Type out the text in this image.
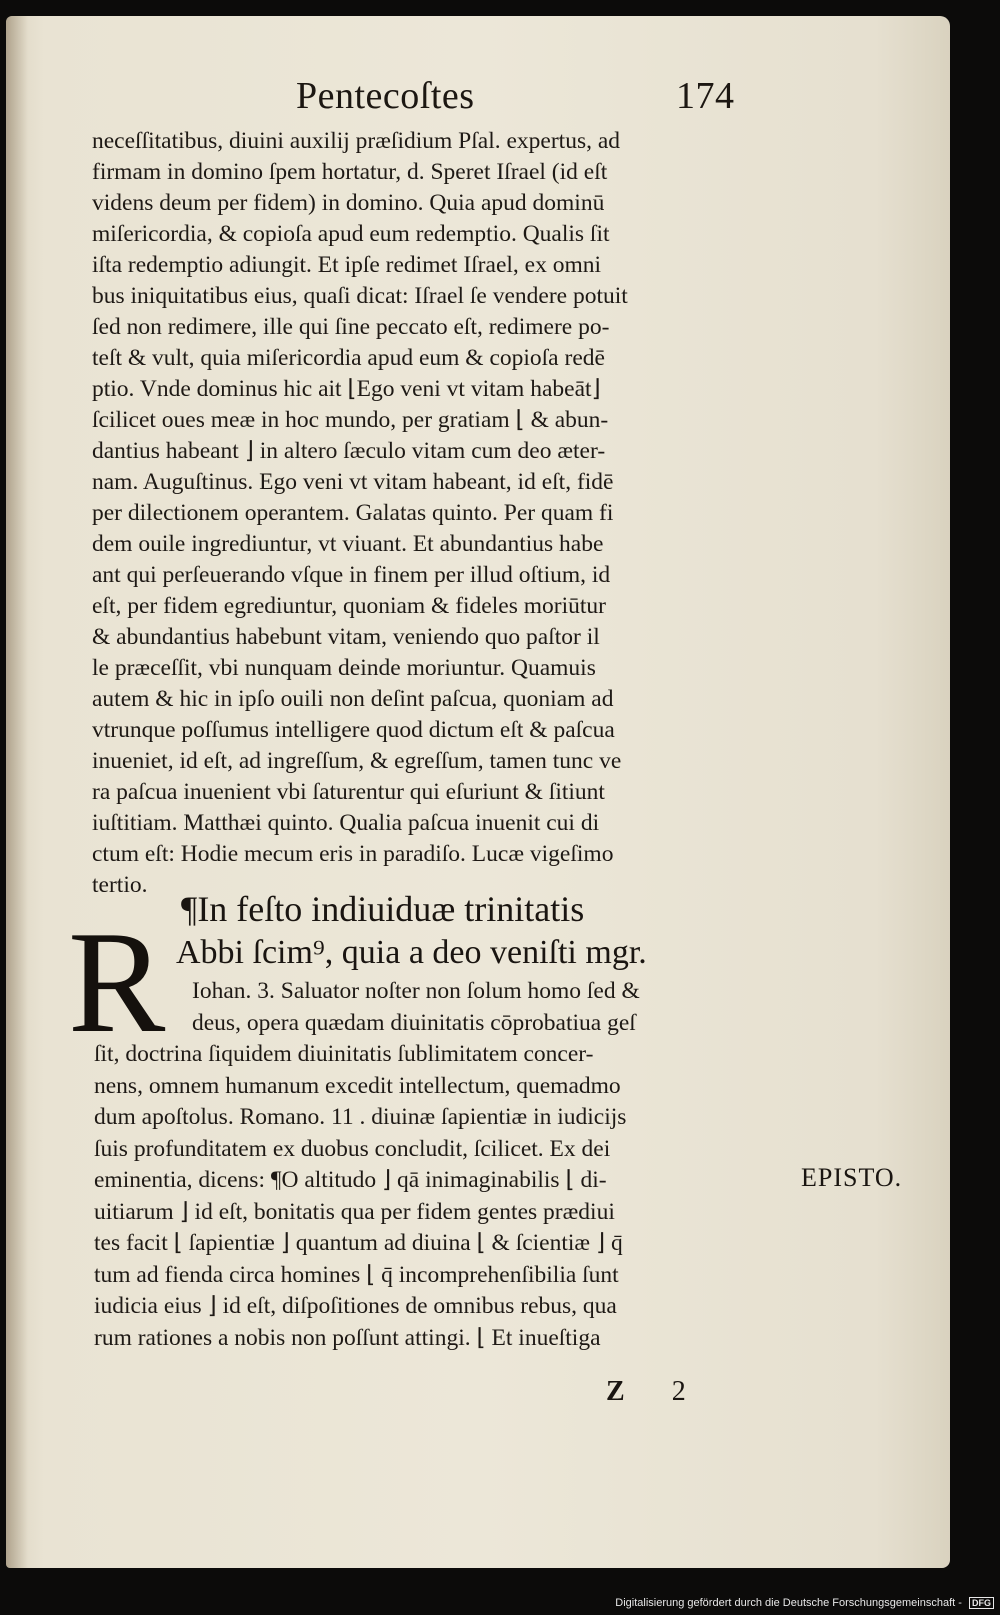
Pentecoſtes	174
neceſſitatibus, diuini auxilij præſidium Pſal. expertus, ad
firmam in domino ſpem hortatur, d. Speret Iſrael (id eſt
videns deum per fidem) in domino. Quia apud dominū
miſericordia, & copioſa apud eum redemptio. Qualis ſit
iſta redemptio adiungit. Et ipſe redimet Iſrael, ex omni
bus iniquitatibus eius, quaſi dicat: Iſrael ſe vendere potuit
ſed non redimere, ille qui ſine peccato eſt, redimere po-
teſt & vult, quia miſericordia apud eum & copioſa redē
ptio. Vnde dominus hic ait ⌊Ego veni vt vitam habeāt⌋
ſcilicet oues meæ in hoc mundo, per gratiam ⌊ & abun-
dantius habeant ⌋ in altero ſæculo vitam cum deo æter-
nam. Auguſtinus. Ego veni vt vitam habeant, id eſt, fidē
per dilectionem operantem. Galatas quinto. Per quam fi
dem ouile ingrediuntur, vt viuant. Et abundantius habe
ant qui perſeuerando vſque in finem per illud oſtium, id
eſt, per fidem egrediuntur, quoniam & fideles moriūtur
& abundantius habebunt vitam, veniendo quo paſtor il
le præceſſit, vbi nunquam deinde moriuntur. Quamuis
autem & hic in ipſo ouili non deſint paſcua, quoniam ad
vtrunque poſſumus intelligere quod dictum eſt & paſcua
inueniet, id eſt, ad ingreſſum, & egreſſum, tamen tunc ve
ra paſcua inuenient vbi ſaturentur qui eſuriunt & ſitiunt
iuſtitiam. Matthæi quinto. Qualia paſcua inuenit cui di
ctum eſt: Hodie mecum eris in paradiſo. Lucæ vigeſimo
tertio.
¶In feſto indiuiduæ trinitatis
R Abbi ſcim⁹, quia a deo veniſti mgr.
Iohan. 3. Saluator noſter non ſolum homo ſed &
deus, opera quædam diuinitatis cōprobatiua geſ
ſit, doctrina ſiquidem diuinitatis ſublimitatem concer-
nens, omnem humanum excedit intellectum, quemadmo
dum apoſtolus. Romano. 11 . diuinæ ſapientiæ in iudicijs
ſuis profunditatem ex duobus concludit, ſcilicet. Ex dei
eminentia, dicens: ¶O altitudo ⌋ qā inimaginabilis ⌊ di-
uitiarum ⌋ id eſt, bonitatis qua per fidem gentes prædiui
tes facit ⌊ ſapientiæ ⌋ quantum ad diuina ⌊ & ſcientiæ ⌋ q̄
tum ad fienda circa homines ⌊ q̄ incomprehenſibilia ſunt
iudicia eius ⌋ id eſt, diſpoſitiones de omnibus rebus, qua
rum rationes a nobis non poſſunt attingi. ⌊ Et inueſtiga
EPISTO.
Z 2
Digitalisierung gefördert durch die Deutsche Forschungsgemeinschaft - DFG
